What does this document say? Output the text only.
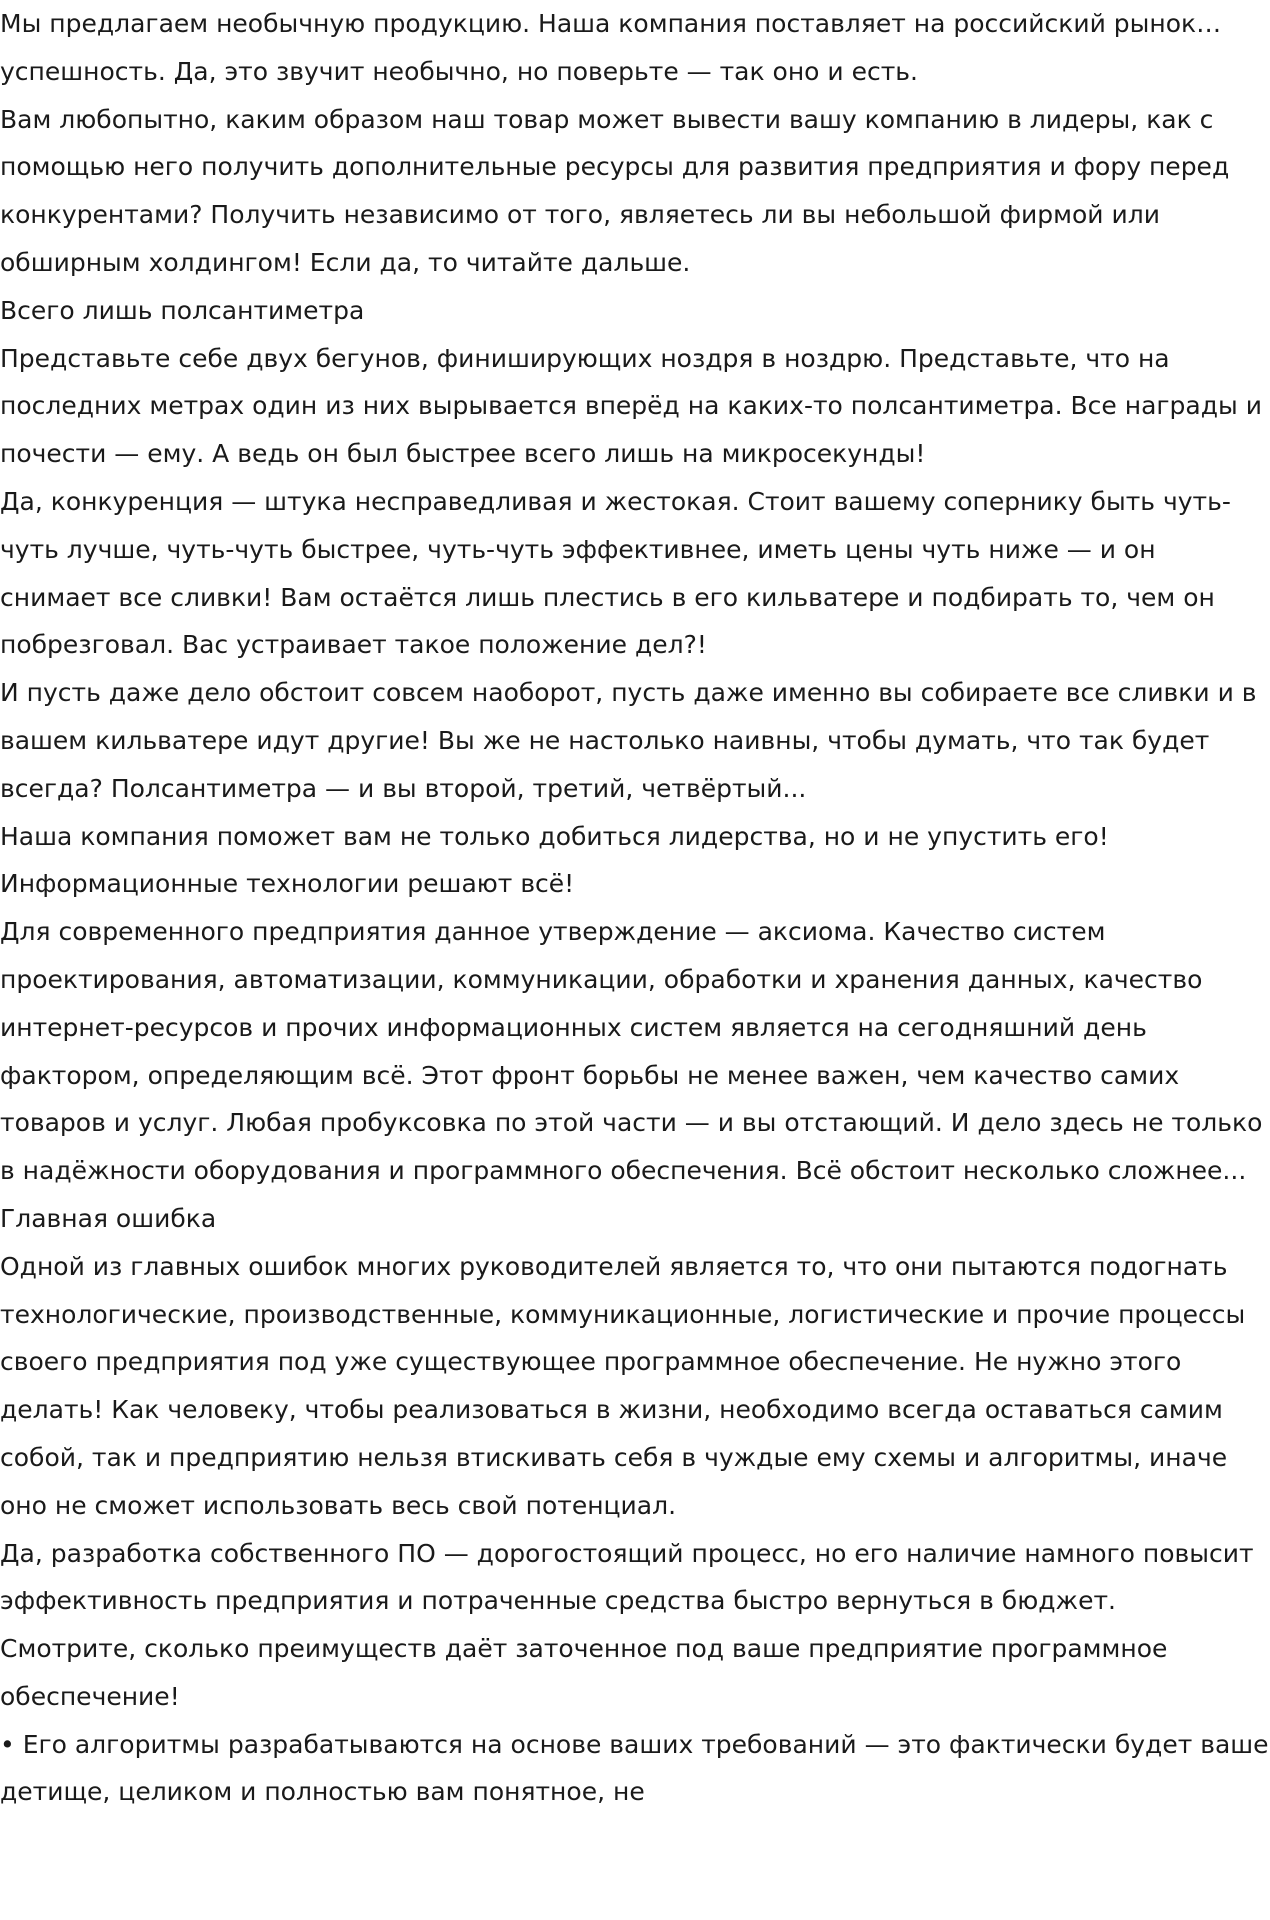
Мы предлагаем необычную продукцию. Наша компания поставляет на российский рынок…

успешность. Да, это звучит необычно, но поверьте — так оно и есть.

Вам любопытно, каким образом наш товар может вывести вашу компанию в лидеры, как с помощью него получить дополнительные ресурсы для развития предприятия и фору перед конкурентами? Получить независимо от того, являетесь ли вы небольшой фирмой или обширным холдингом! Если да, то читайте дальше.

Всего лишь полсантиметра

Представьте себе двух бегунов, финиширующих ноздря в ноздрю. Представьте, что на последних метрах один из них вырывается вперёд на каких-то полсантиметра. Все награды и почести — ему. А ведь он был быстрее всего лишь на микросекунды!

Да, конкуренция — штука несправедливая и жестокая. Стоит вашему сопернику быть чуть-чуть лучше, чуть-чуть быстрее, чуть-чуть эффективнее, иметь цены чуть ниже — и он снимает все сливки! Вам остаётся лишь плестись в его кильватере и подбирать то, чем он побрезговал. Вас устраивает такое положение дел?!

И пусть даже дело обстоит совсем наоборот, пусть даже именно вы собираете все сливки и в вашем кильватере идут другие! Вы же не настолько наивны, чтобы думать, что так будет всегда? Полсантиметра — и вы второй, третий, четвёртый...

Наша компания поможет вам не только добиться лидерства, но и не упустить его!

Информационные технологии решают всё!

Для современного предприятия данное утверждение — аксиома. Качество систем проектирования, автоматизации, коммуникации, обработки и хранения данных, качество интернет-ресурсов и прочих информационных систем является на сегодняшний день фактором, определяющим всё. Этот фронт борьбы не менее важен, чем качество самих товаров и услуг. Любая пробуксовка по этой части — и вы отстающий. И дело здесь не только в надёжности оборудования и программного обеспечения. Всё обстоит несколько сложнее...

Главная ошибка

Одной из главных ошибок многих руководителей является то, что они пытаются подогнать технологические, производственные, коммуникационные, логистические и прочие процессы своего предприятия под уже существующее программное обеспечение. Не нужно этого делать! Как человеку, чтобы реализоваться в жизни, необходимо всегда оставаться самим собой, так и предприятию нельзя втискивать себя в чуждые ему схемы и алгоритмы, иначе оно не сможет использовать весь свой потенциал.

Да, разработка собственного ПО — дорогостоящий процесс, но его наличие намного повысит эффективность предприятия и потраченные средства быстро вернуться в бюджет.

Смотрите, сколько преимуществ даёт заточенное под ваше предприятие программное обеспечение!

• Его алгоритмы разрабатываются на основе ваших требований — это фактически будет ваше детище, целиком и полностью вам понятное, не
